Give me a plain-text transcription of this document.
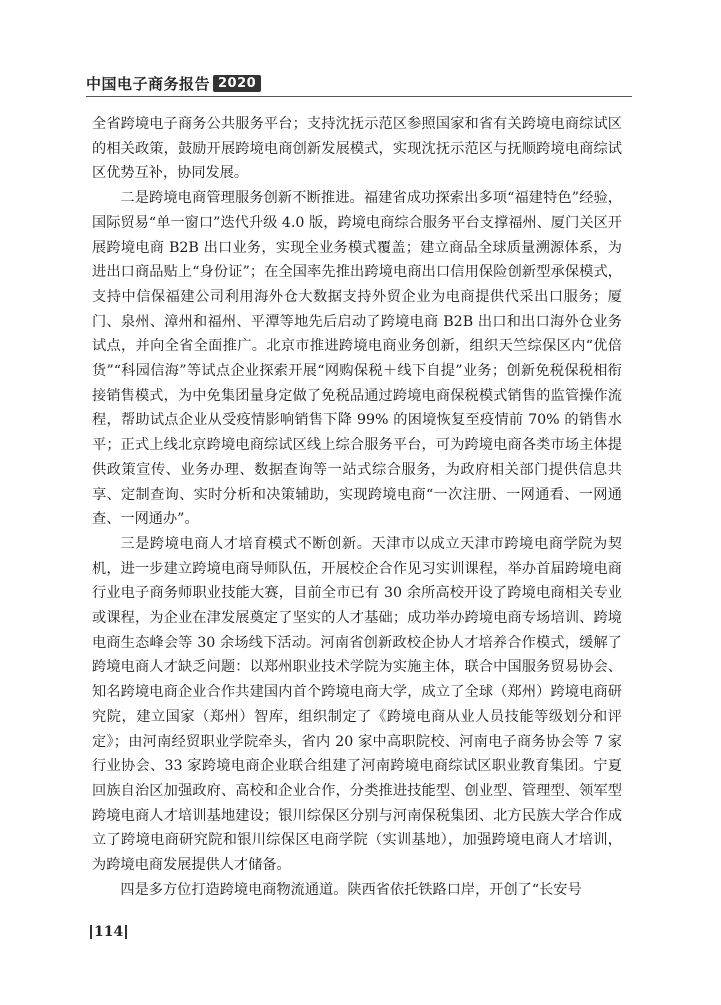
中国电子商务报告 2020

全省跨境电子商务公共服务平台；支持沈抚示范区参照国家和省有关跨境电商综试区的相关政策，鼓励开展跨境电商创新发展模式，实现沈抚示范区与抚顺跨境电商综试区优势互补，协同发展。

二是跨境电商管理服务创新不断推进。福建省成功探索出多项“福建特色”经验，国际贸易“单一窗口”迭代升级 4.0 版，跨境电商综合服务平台支撑福州、厦门关区开展跨境电商 B2B 出口业务，实现全业务模式覆盖；建立商品全球质量溯源体系，为进出口商品贴上“身份证”；在全国率先推出跨境电商出口信用保险创新型承保模式，支持中信保福建公司利用海外仓大数据支持外贸企业为电商提供代采出口服务；厦门、泉州、漳州和福州、平潭等地先后启动了跨境电商 B2B 出口和出口海外仓业务试点，并向全省全面推广。北京市推进跨境电商业务创新，组织天竺综保区内“优倍货”“科园信海”等试点企业探索开展“网购保税＋线下自提”业务；创新免税保税相衔接销售模式，为中免集团量身定做了免税品通过跨境电商保税模式销售的监管操作流程，帮助试点企业从受疫情影响销售下降 99% 的困境恢复至疫情前 70% 的销售水平；正式上线北京跨境电商综试区线上综合服务平台，可为跨境电商各类市场主体提供政策宣传、业务办理、数据查询等一站式综合服务，为政府相关部门提供信息共享、定制查询、实时分析和决策辅助，实现跨境电商“一次注册、一网通看、一网通查、一网通办”。

三是跨境电商人才培育模式不断创新。天津市以成立天津市跨境电商学院为契机，进一步建立跨境电商导师队伍，开展校企合作见习实训课程，举办首届跨境电商行业电子商务师职业技能大赛，目前全市已有 30 余所高校开设了跨境电商相关专业或课程，为企业在津发展奠定了坚实的人才基础；成功举办跨境电商专场培训、跨境电商生态峰会等 30 余场线下活动。河南省创新政校企协人才培养合作模式，缓解了跨境电商人才缺乏问题：以郑州职业技术学院为实施主体，联合中国服务贸易协会、知名跨境电商企业合作共建国内首个跨境电商大学，成立了全球（郑州）跨境电商研究院，建立国家（郑州）智库，组织制定了《跨境电商从业人员技能等级划分和评定》；由河南经贸职业学院牵头，省内 20 家中高职院校、河南电子商务协会等 7 家行业协会、33 家跨境电商企业联合组建了河南跨境电商综试区职业教育集团。宁夏回族自治区加强政府、高校和企业合作，分类推进技能型、创业型、管理型、领军型跨境电商人才培训基地建设；银川综保区分别与河南保税集团、北方民族大学合作成立了跨境电商研究院和银川综保区电商学院（实训基地），加强跨境电商人才培训，为跨境电商发展提供人才储备。

四是多方位打造跨境电商物流通道。陕西省依托铁路口岸，开创了“长安号

114
